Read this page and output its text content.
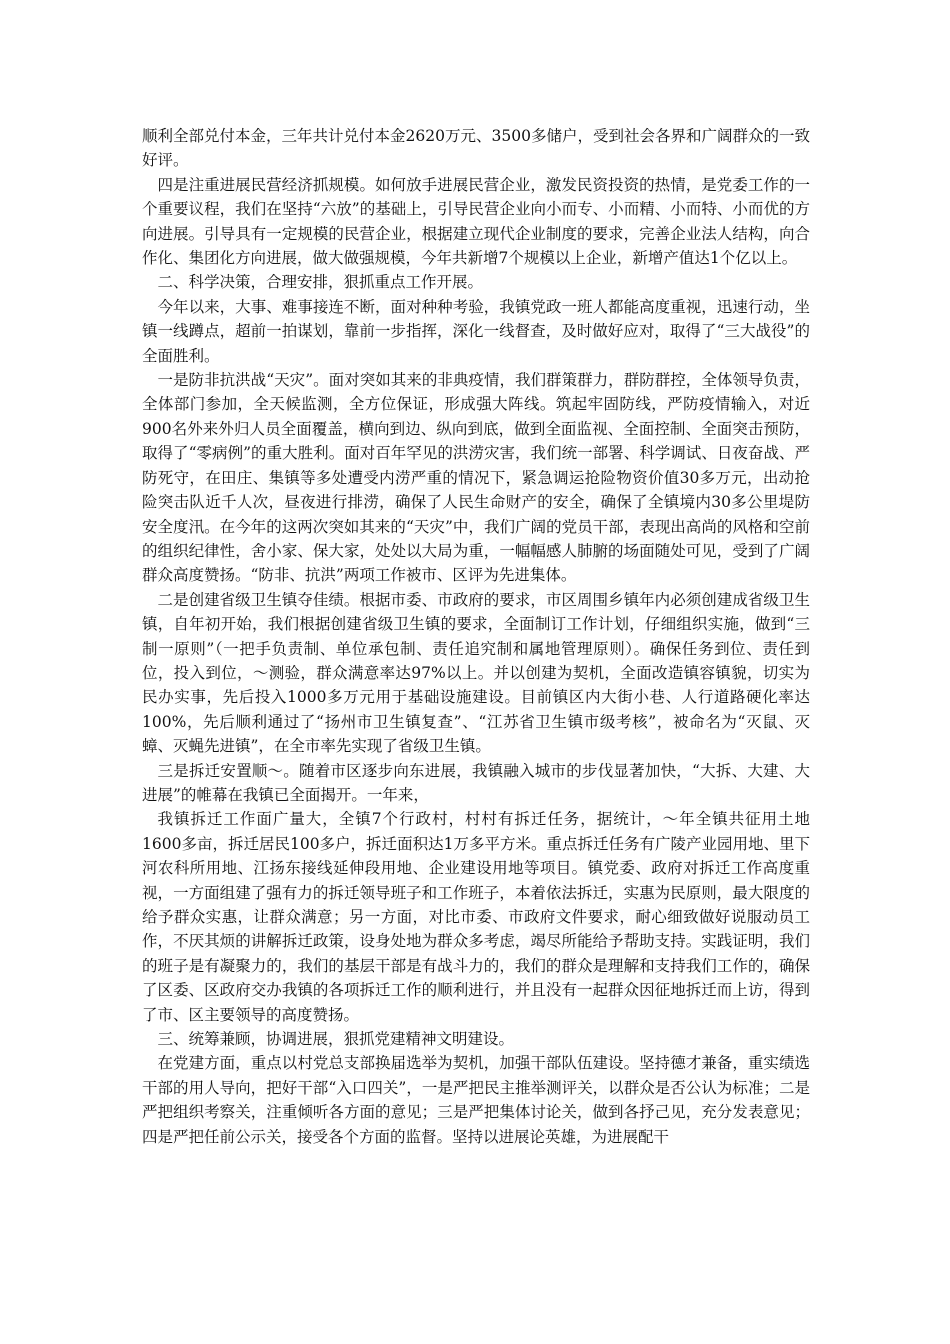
顺利全部兑付本金，三年共计兑付本金2620万元、3500多储户，受到社会各界和广阔群众的一致好评。

四是注重进展民营经济抓规模。如何放手进展民营企业，激发民资投资的热情，是党委工作的一个重要议程，我们在坚持“六放”的基础上，引导民营企业向小而专、小而精、小而特、小而优的方向进展。引导具有一定规模的民营企业，根据建立现代企业制度的要求，完善企业法人结构，向合作化、集团化方向进展，做大做强规模，今年共新增7个规模以上企业，新增产值达1个亿以上。

二、科学决策，合理安排，狠抓重点工作开展。

今年以来，大事、难事接连不断，面对种种考验，我镇党政一班人都能高度重视，迅速行动，坐镇一线蹲点，超前一拍谋划，靠前一步指挥，深化一线督查，及时做好应对，取得了“三大战役”的全面胜利。

一是防非抗洪战“天灾”。面对突如其来的非典疫情，我们群策群力，群防群控，全体领导负责，全体部门参加，全天候监测，全方位保证，形成强大阵线。筑起牢固防线，严防疫情输入，对近900名外来外归人员全面覆盖，横向到边、纵向到底，做到全面监视、全面控制、全面突击预防，取得了“零病例”的重大胜利。面对百年罕见的洪涝灾害，我们统一部署、科学调试、日夜奋战、严防死守，在田庄、集镇等多处遭受内涝严重的情况下，紧急调运抢险物资价值30多万元，出动抢险突击队近千人次，昼夜进行排涝，确保了人民生命财产的安全，确保了全镇境内30多公里堤防安全度汛。在今年的这两次突如其来的“天灾”中，我们广阔的党员干部，表现出高尚的风格和空前的组织纪律性，舍小家、保大家，处处以大局为重，一幅幅感人肺腑的场面随处可见，受到了广阔群众高度赞扬。“防非、抗洪”两项工作被市、区评为先进集体。

二是创建省级卫生镇夺佳绩。根据市委、市政府的要求，市区周围乡镇年内必须创建成省级卫生镇，自年初开始，我们根据创建省级卫生镇的要求，全面制订工作计划，仔细组织实施，做到“三制一原则”（一把手负责制、单位承包制、责任追究制和属地管理原则）。确保任务到位、责任到位，投入到位，～测验，群众满意率达97%以上。并以创建为契机，全面改造镇容镇貌，切实为民办实事，先后投入1000多万元用于基础设施建设。目前镇区内大街小巷、人行道路硬化率达100%，先后顺利通过了“扬州市卫生镇复查”、“江苏省卫生镇市级考核”，被命名为“灭鼠、灭蟑、灭蝇先进镇”，在全市率先实现了省级卫生镇。

三是拆迁安置顺～。随着市区逐步向东进展，我镇融入城市的步伐显著加快，“大拆、大建、大进展”的帷幕在我镇已全面揭开。一年来，

我镇拆迁工作面广量大，全镇7个行政村，村村有拆迁任务，据统计，～年全镇共征用土地1600多亩，拆迁居民100多户，拆迁面积达1万多平方米。重点拆迁任务有广陵产业园用地、里下河农科所用地、江扬东接线延伸段用地、企业建设用地等项目。镇党委、政府对拆迁工作高度重视，一方面组建了强有力的拆迁领导班子和工作班子，本着依法拆迁，实惠为民原则，最大限度的给予群众实惠，让群众满意；另一方面，对比市委、市政府文件要求，耐心细致做好说服动员工作，不厌其烦的讲解拆迁政策，设身处地为群众多考虑，竭尽所能给予帮助支持。实践证明，我们的班子是有凝聚力的，我们的基层干部是有战斗力的，我们的群众是理解和支持我们工作的，确保了区委、区政府交办我镇的各项拆迁工作的顺利进行，并且没有一起群众因征地拆迁而上访，得到了市、区主要领导的高度赞扬。

三、统筹兼顾，协调进展，狠抓党建精神文明建设。

在党建方面，重点以村党总支部换届选举为契机，加强干部队伍建设。坚持德才兼备，重实绩选干部的用人导向，把好干部“入口四关”，一是严把民主推举测评关，以群众是否公认为标准；二是严把组织考察关，注重倾听各方面的意见；三是严把集体讨论关，做到各抒己见，充分发表意见；四是严把任前公示关，接受各个方面的监督。坚持以进展论英雄，为进展配干
